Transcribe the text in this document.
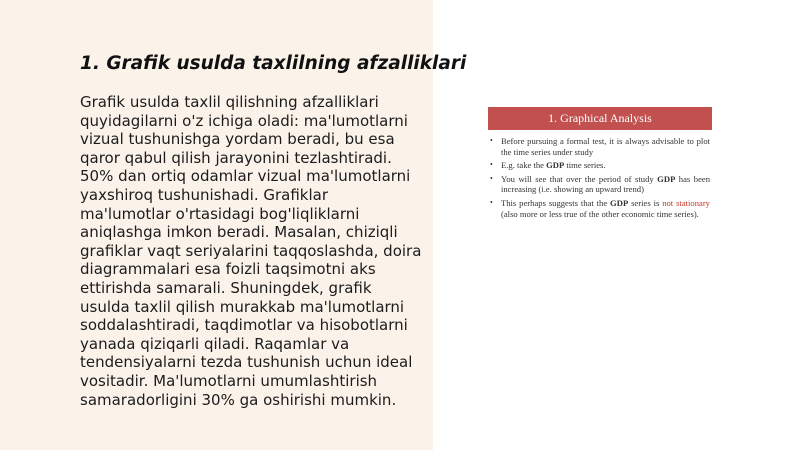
1. Grafik usulda taxlilning afzalliklari

Grafik usulda taxlil qilishning afzalliklari
quyidagilarni o'z ichiga oladi: ma'lumotlarni
vizual tushunishga yordam beradi, bu esa
qaror qabul qilish jarayonini tezlashtiradi.
50% dan ortiq odamlar vizual ma'lumotlarni
yaxshiroq tushunishadi. Grafiklar
ma'lumotlar o'rtasidagi bog'liqliklarni
aniqlashga imkon beradi. Masalan, chiziqli
grafiklar vaqt seriyalarini taqqoslashda, doira
diagrammalari esa foizli taqsimotni aks
ettirishda samarali. Shuningdek, grafik
usulda taxlil qilish murakkab ma'lumotlarni
soddalashtiradi, taqdimotlar va hisobotlarni
yanada qiziqarli qiladi. Raqamlar va
tendensiyalarni tezda tushunish uchun ideal
vositadir. Ma'lumotlarni umumlashtirish
samaradorligini 30% ga oshirishi mumkin.

1. Graphical Analysis
• Before pursuing a formal test, it is always advisable to plot the time series under study
• E.g. take the GDP time series.
• You will see that over the period of study GDP has been increasing (i.e. showing an upward trend)
• This perhaps suggests that the GDP series is not stationary (also more or less true of the other economic time series).
